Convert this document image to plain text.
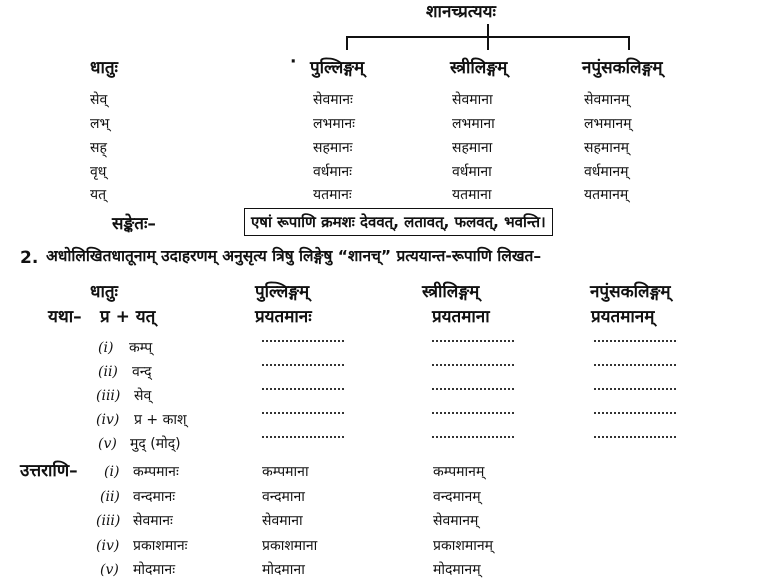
शानच्प्रत्ययः
धातुः	· पुल्लिङ्गम्	स्त्रीलिङ्गम्	नपुंसकलिङ्गम्
सेव्	सेवमानः	सेवमाना	सेवमानम्
लभ्	लभमानः	लभमाना	लभमानम्
सह्	सहमानः	सहमाना	सहमानम्
वृध्	वर्धमानः	वर्धमाना	वर्धमानम्
यत्	यतमानः	यतमाना	यतमानम्
सङ्केतः–	एषां रूपाणि क्रमशः देववत्, लतावत्, फलवत्, भवन्ति।
2. अधोलिखितधातूनाम् उदाहरणम् अनुसृत्य त्रिषु लिङ्गेषु “शानच्” प्रत्ययान्त-रूपाणि लिखत–
धातुः	पुल्लिङ्गम्	स्त्रीलिङ्गम्	नपुंसकलिङ्गम्
यथा– प्र + यत्	प्रयतमानः	प्रयतमाना	प्रयतमानम्
(i) कम्प्
(ii) वन्द्
(iii) सेव्
(iv) प्र + काश्
(v) मुद् (मोद्)
उत्तराणि– (i) कम्पमानः	कम्पमाना	कम्पमानम्
(ii) वन्दमानः	वन्दमाना	वन्दमानम्
(iii) सेवमानः	सेवमाना	सेवमानम्
(iv) प्रकाशमानः	प्रकाशमाना	प्रकाशमानम्
(v) मोदमानः	मोदमाना	मोदमानम्
